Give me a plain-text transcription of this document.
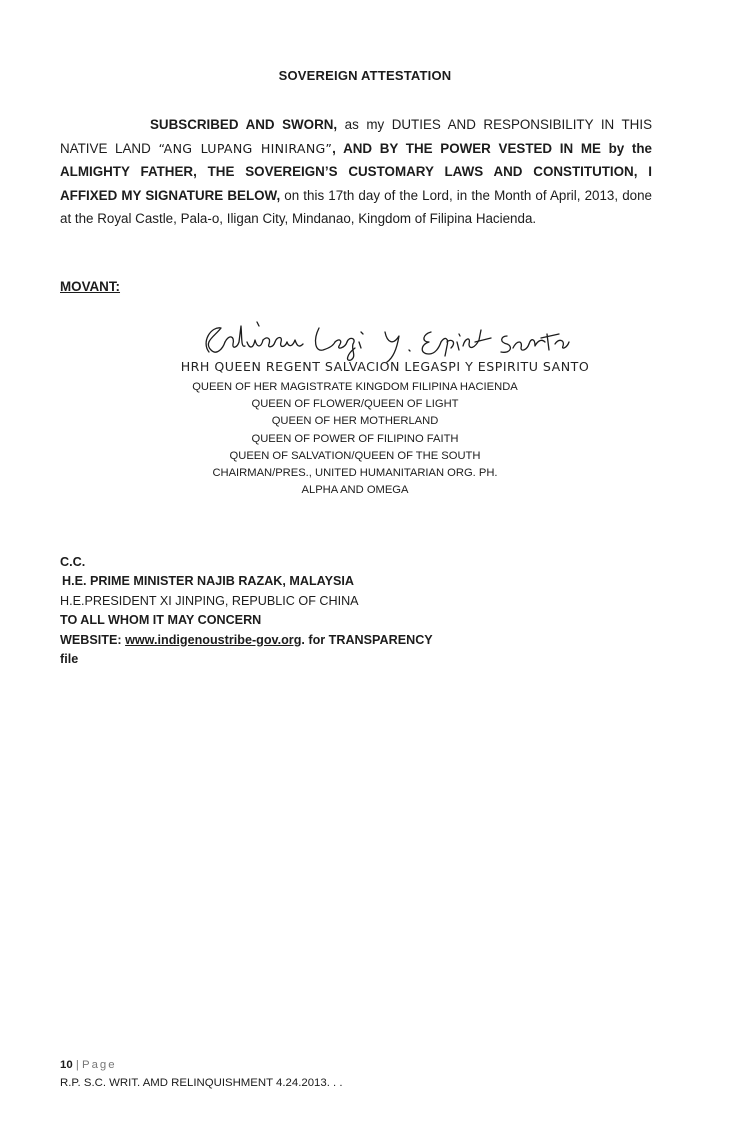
SOVEREIGN ATTESTATION

SUBSCRIBED AND SWORN, as my DUTIES AND RESPONSIBILITY IN THIS NATIVE LAND “ANG LUPANG HINIRANG”, AND BY THE POWER VESTED IN ME by the ALMIGHTY FATHER, THE SOVEREIGN’S CUSTOMARY LAWS AND CONSTITUTION, I AFFIXED MY SIGNATURE BELOW, on this 17th day of the Lord, in the Month of April, 2013, done at the Royal Castle, Pala-o, Iligan City, Mindanao, Kingdom of Filipina Hacienda.

MOVANT:
HRH QUEEN REGENT SALVACION LEGASPI Y ESPIRITU SANTO
QUEEN OF HER MAGISTRATE KINGDOM FILIPINA HACIENDA
QUEEN OF FLOWER/QUEEN OF LIGHT
QUEEN OF HER MOTHERLAND
QUEEN OF POWER OF FILIPINO FAITH
QUEEN OF SALVATION/QUEEN OF THE SOUTH
CHAIRMAN/PRES., UNITED HUMANITARIAN ORG. PH.
ALPHA AND OMEGA
C.C.
H.E. PRIME MINISTER NAJIB RAZAK, MALAYSIA
H.E.PRESIDENT XI JINPING, REPUBLIC OF CHINA
TO ALL WHOM IT MAY CONCERN
WEBSITE: www.indigenoustribe-gov.org. for TRANSPARENCY
file
10 | Page
R.P. S.C. WRIT. AMD RELINQUISHMENT 4.24.2013. . .
